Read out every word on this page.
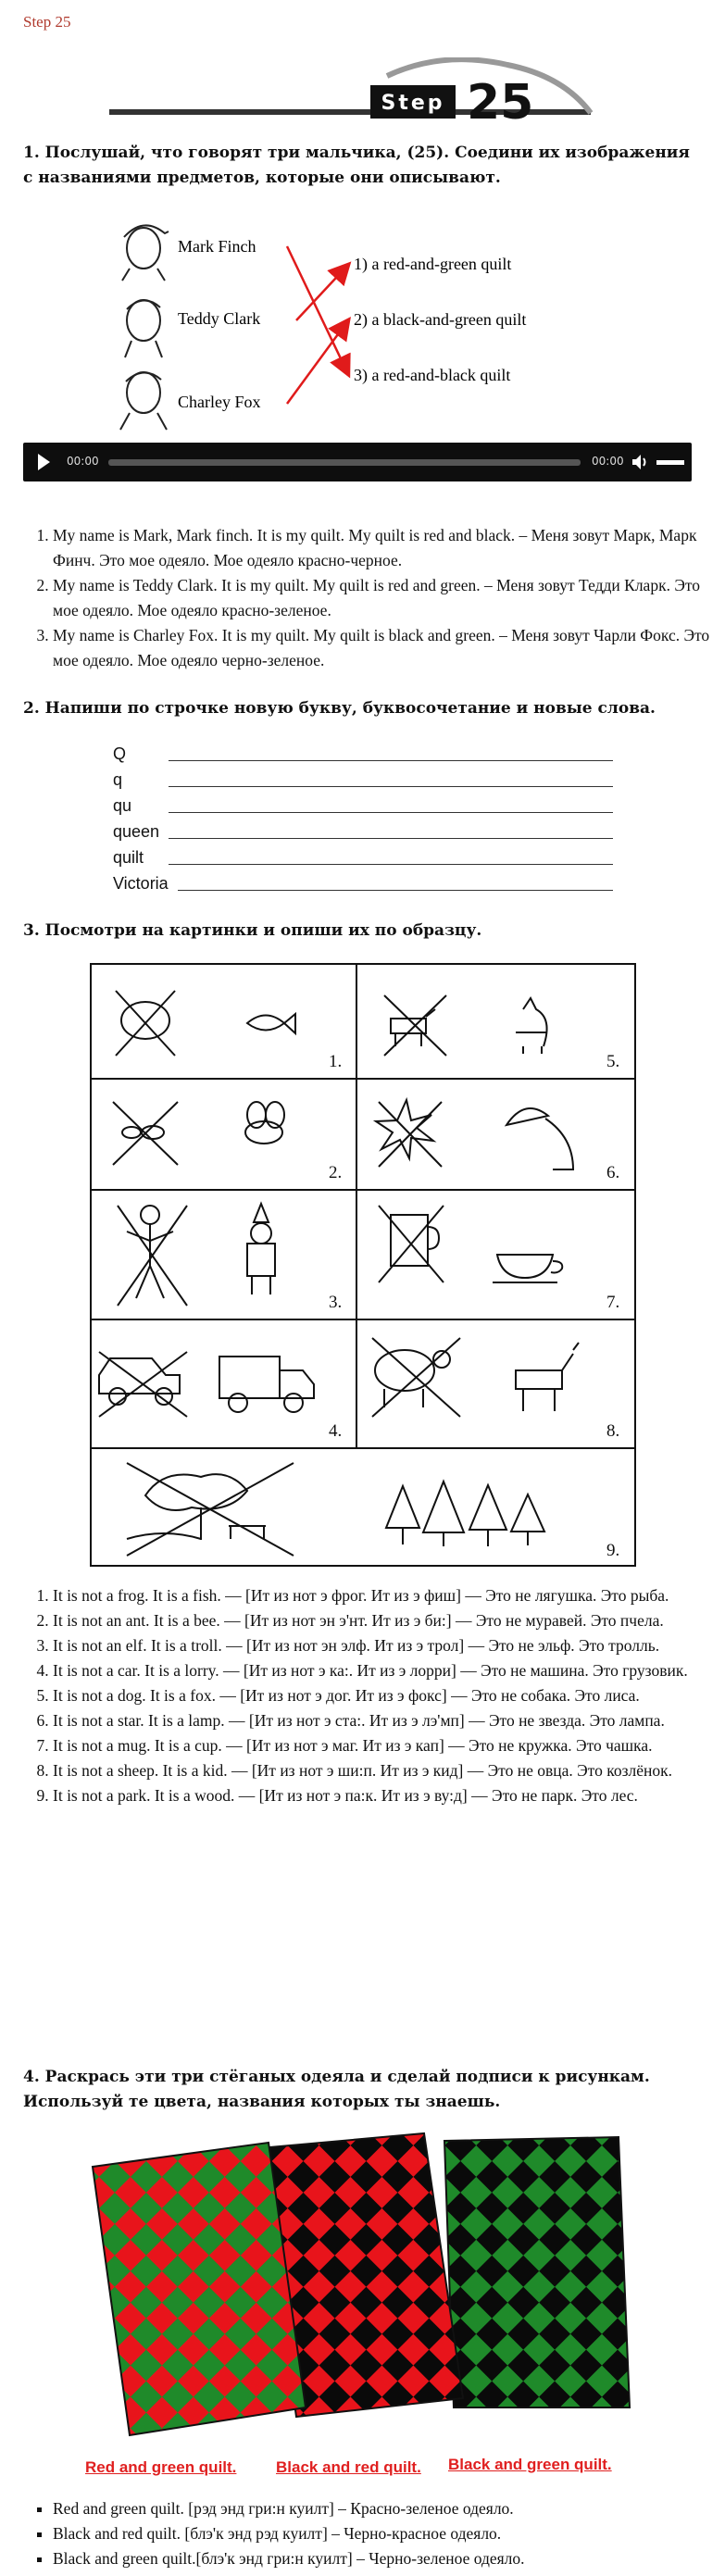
Step 25
Step 25
1. Послушай, что говорят три мальчика, (25). Соедини их изображения с названиями предметов, которые они описывают.
Mark Finch
Teddy Clark
Charley Fox
1) a red-and-green quilt
2) a black-and-green quilt
3) a red-and-black quilt
00:00	00:00
1. My name is Mark, Mark finch. It is my quilt. My quilt is red and black. – Меня зовут Марк, Марк Финч. Это мое одеяло. Мое одеяло красно-черное.
2. My name is Teddy Clark. It is my quilt. My quilt is red and green. – Меня зовут Тедди Кларк. Это мое одеяло. Мое одеяло красно-зеленое.
3. My name is Charley Fox. It is my quilt. My quilt is black and green. – Меня зовут Чарли Фокс. Это мое одеяло. Мое одеяло черно-зеленое.
2. Напиши по строчке новую букву, буквосочетание и новые слова.
Q
q
qu
queen
quilt
Victoria
3. Посмотри на картинки и опиши их по образцу.
1.
2.
3.
4.
5.
6.
7.
8.
9.
1. It is not a frog. It is a fish. — [Ит из нот э фрог. Ит из э фиш] — Это не лягушка. Это рыба.
2. It is not an ant. It is a bee. — [Ит из нот эн э'нт. Ит из э би:] — Это не муравей. Это пчела.
3. It is not an elf. It is a troll. — [Ит из нот эн элф. Ит из э трол] — Это не эльф. Это тролль.
4. It is not a car. It is a lorry. — [Ит из нот э ка:. Ит из э лорри] — Это не машина. Это грузовик.
5. It is not a dog. It is a fox. — [Ит из нот э дог. Ит из э фокс] — Это не собака. Это лиса.
6. It is not a star. It is a lamp. — [Ит из нот э ста:. Ит из э лэ'мп] — Это не звезда. Это лампа.
7. It is not a mug. It is a cup. — [Ит из нот э маг. Ит из э кап] — Это не кружка. Это чашка.
8. It is not a sheep. It is a kid. — [Ит из нот э ши:п. Ит из э кид] — Это не овца. Это козлёнок.
9. It is not a park. It is a wood. — [Ит из нот э па:к. Ит из э ву:д] — Это не парк. Это лес.
4. Раскрась эти три стёганых одеяла и сделай подписи к рисункам. Используй те цвета, названия которых ты знаешь.
Red and green quilt.	Black and red quilt. Black and green quilt.
▪ Red and green quilt. [рэд энд гри:н куилт] – Красно-зеленое одеяло.
▪ Black and red quilt. [блэ'к энд рэд куилт] – Черно-красное одеяло.
▪ Black and green quilt.[блэ'к энд гри:н куилт] – Черно-зеленое одеяло.
